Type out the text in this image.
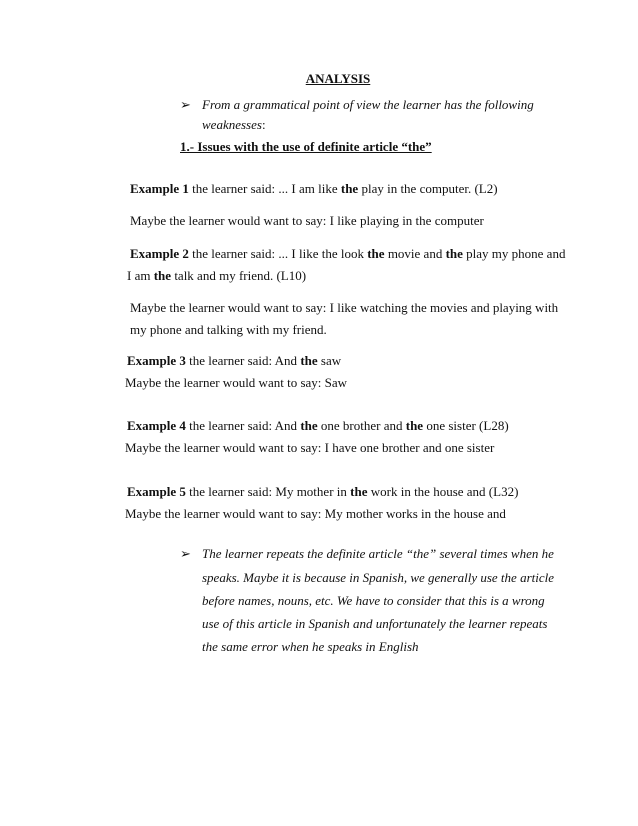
ANALYSIS
➢ From a grammatical point of view the learner has the following
weaknesses:
1.- Issues with the use of definite article “the”
Example 1 the learner said: ... I am like the play in the computer. (L2)
Maybe the learner would want to say: I like playing in the computer
Example 2 the learner said: ... I like the look the movie and the play my phone and
I am the talk and my friend. (L10)
Maybe the learner would want to say: I like watching the movies and playing with
my phone and talking with my friend.
Example 3 the learner said: And the saw
Maybe the learner would want to say: Saw
Example 4 the learner said: And the one brother and the one sister (L28)
Maybe the learner would want to say: I have one brother and one sister
Example 5 the learner said: My mother in the work in the house and (L32)
Maybe the learner would want to say: My mother works in the house and
➢ The learner repeats the definite article “the” several times when he
speaks. Maybe it is because in Spanish, we generally use the article
before names, nouns, etc. We have to consider that this is a wrong
use of this article in Spanish and unfortunately the learner repeats
the same error when he speaks in English
